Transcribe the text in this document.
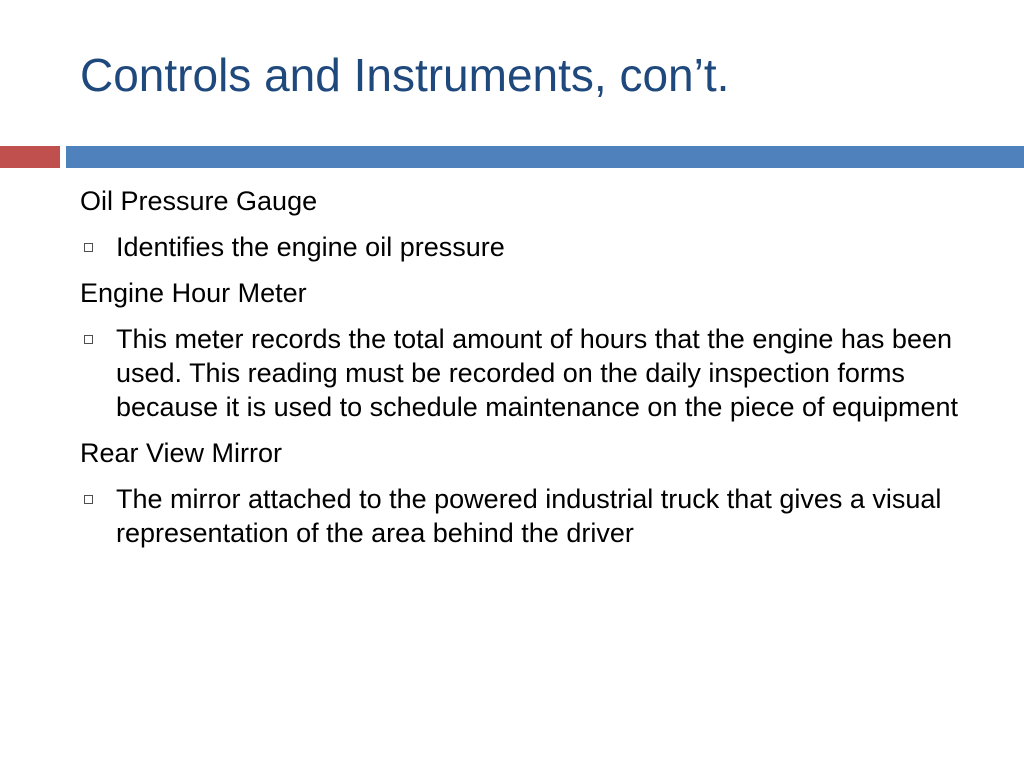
Controls and Instruments, con’t.
Oil Pressure Gauge
Identifies the engine oil pressure
Engine Hour Meter
This meter records the total amount of hours that the engine has been used. This reading must be recorded on the daily inspection forms because it is used to schedule maintenance on the piece of equipment
Rear View Mirror
The mirror attached to the powered industrial truck that gives a visual representation of the area behind the driver
